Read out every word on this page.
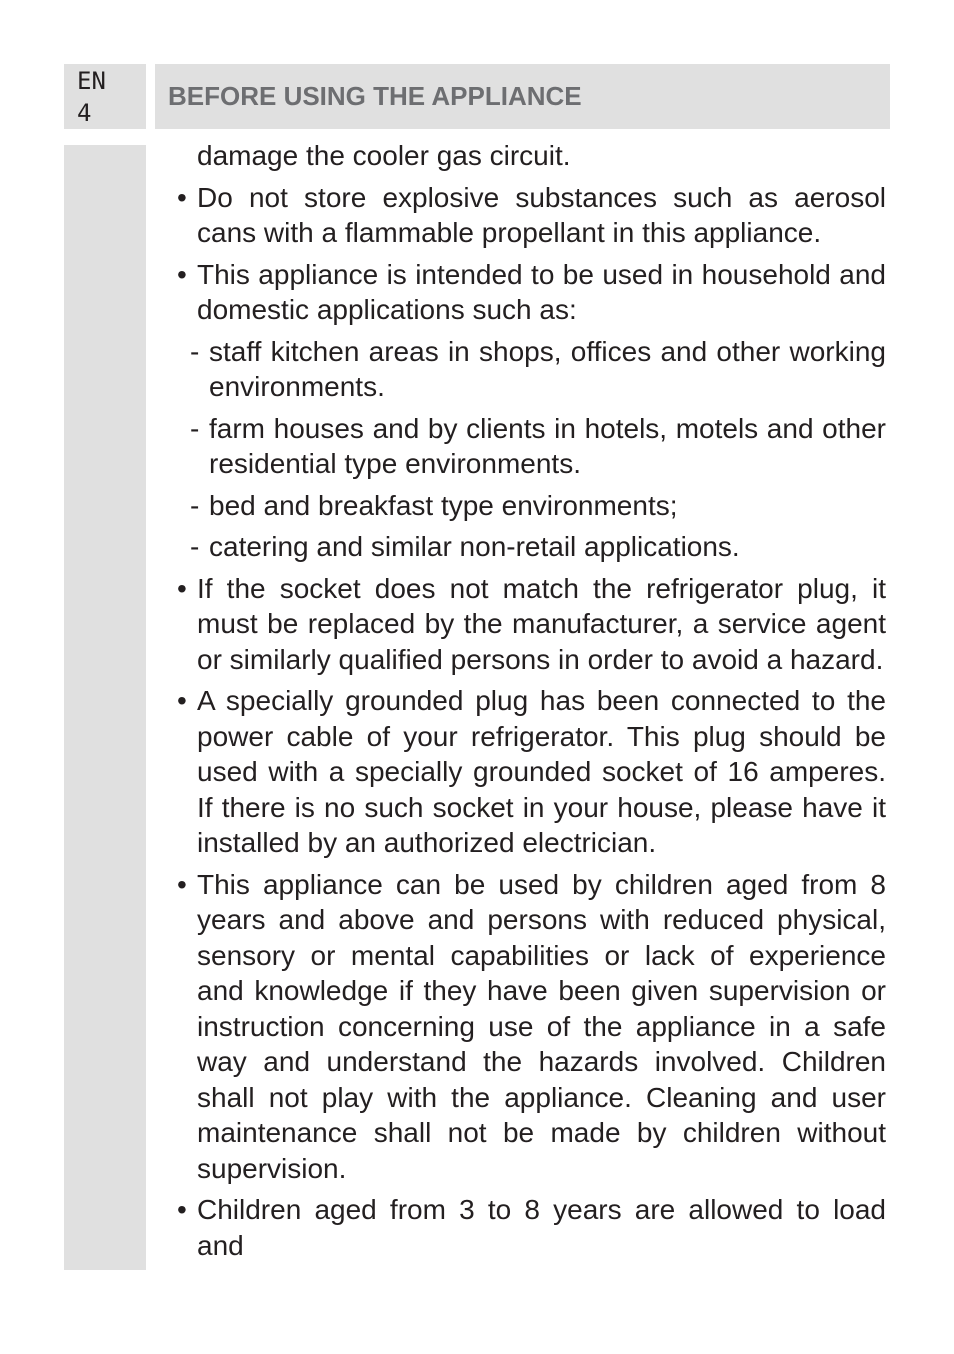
EN
4
BEFORE USING THE APPLIANCE

damage the cooler gas circuit.

• Do not store explosive substances such as aerosol cans with a flammable propellant in this appliance.
• This appliance is intended to be used in household and domestic applications such as:
- staff kitchen areas in shops, offices and other working environments.
- farm houses and by clients in hotels, motels and other residential type environments.
- bed and breakfast type environments;
- catering and similar non-retail applications.
• If the socket does not match the refrigerator plug, it must be replaced by the manufacturer, a service agent or similarly qualified persons in order to avoid a hazard.
• A specially grounded plug has been connected to the power cable of your refrigerator. This plug should be used with a specially grounded socket of 16 amperes. If there is no such socket in your house, please have it installed by an authorized electrician.
• This appliance can be used by children aged from 8 years and above and persons with reduced physical, sensory or mental capabilities or lack of experience and knowledge if they have been given supervision or instruction concerning use of the appliance in a safe way and understand the hazards involved. Children shall not play with the appliance. Cleaning and user maintenance shall not be made by children without supervision.
• Children aged from 3 to 8 years are allowed to load and
